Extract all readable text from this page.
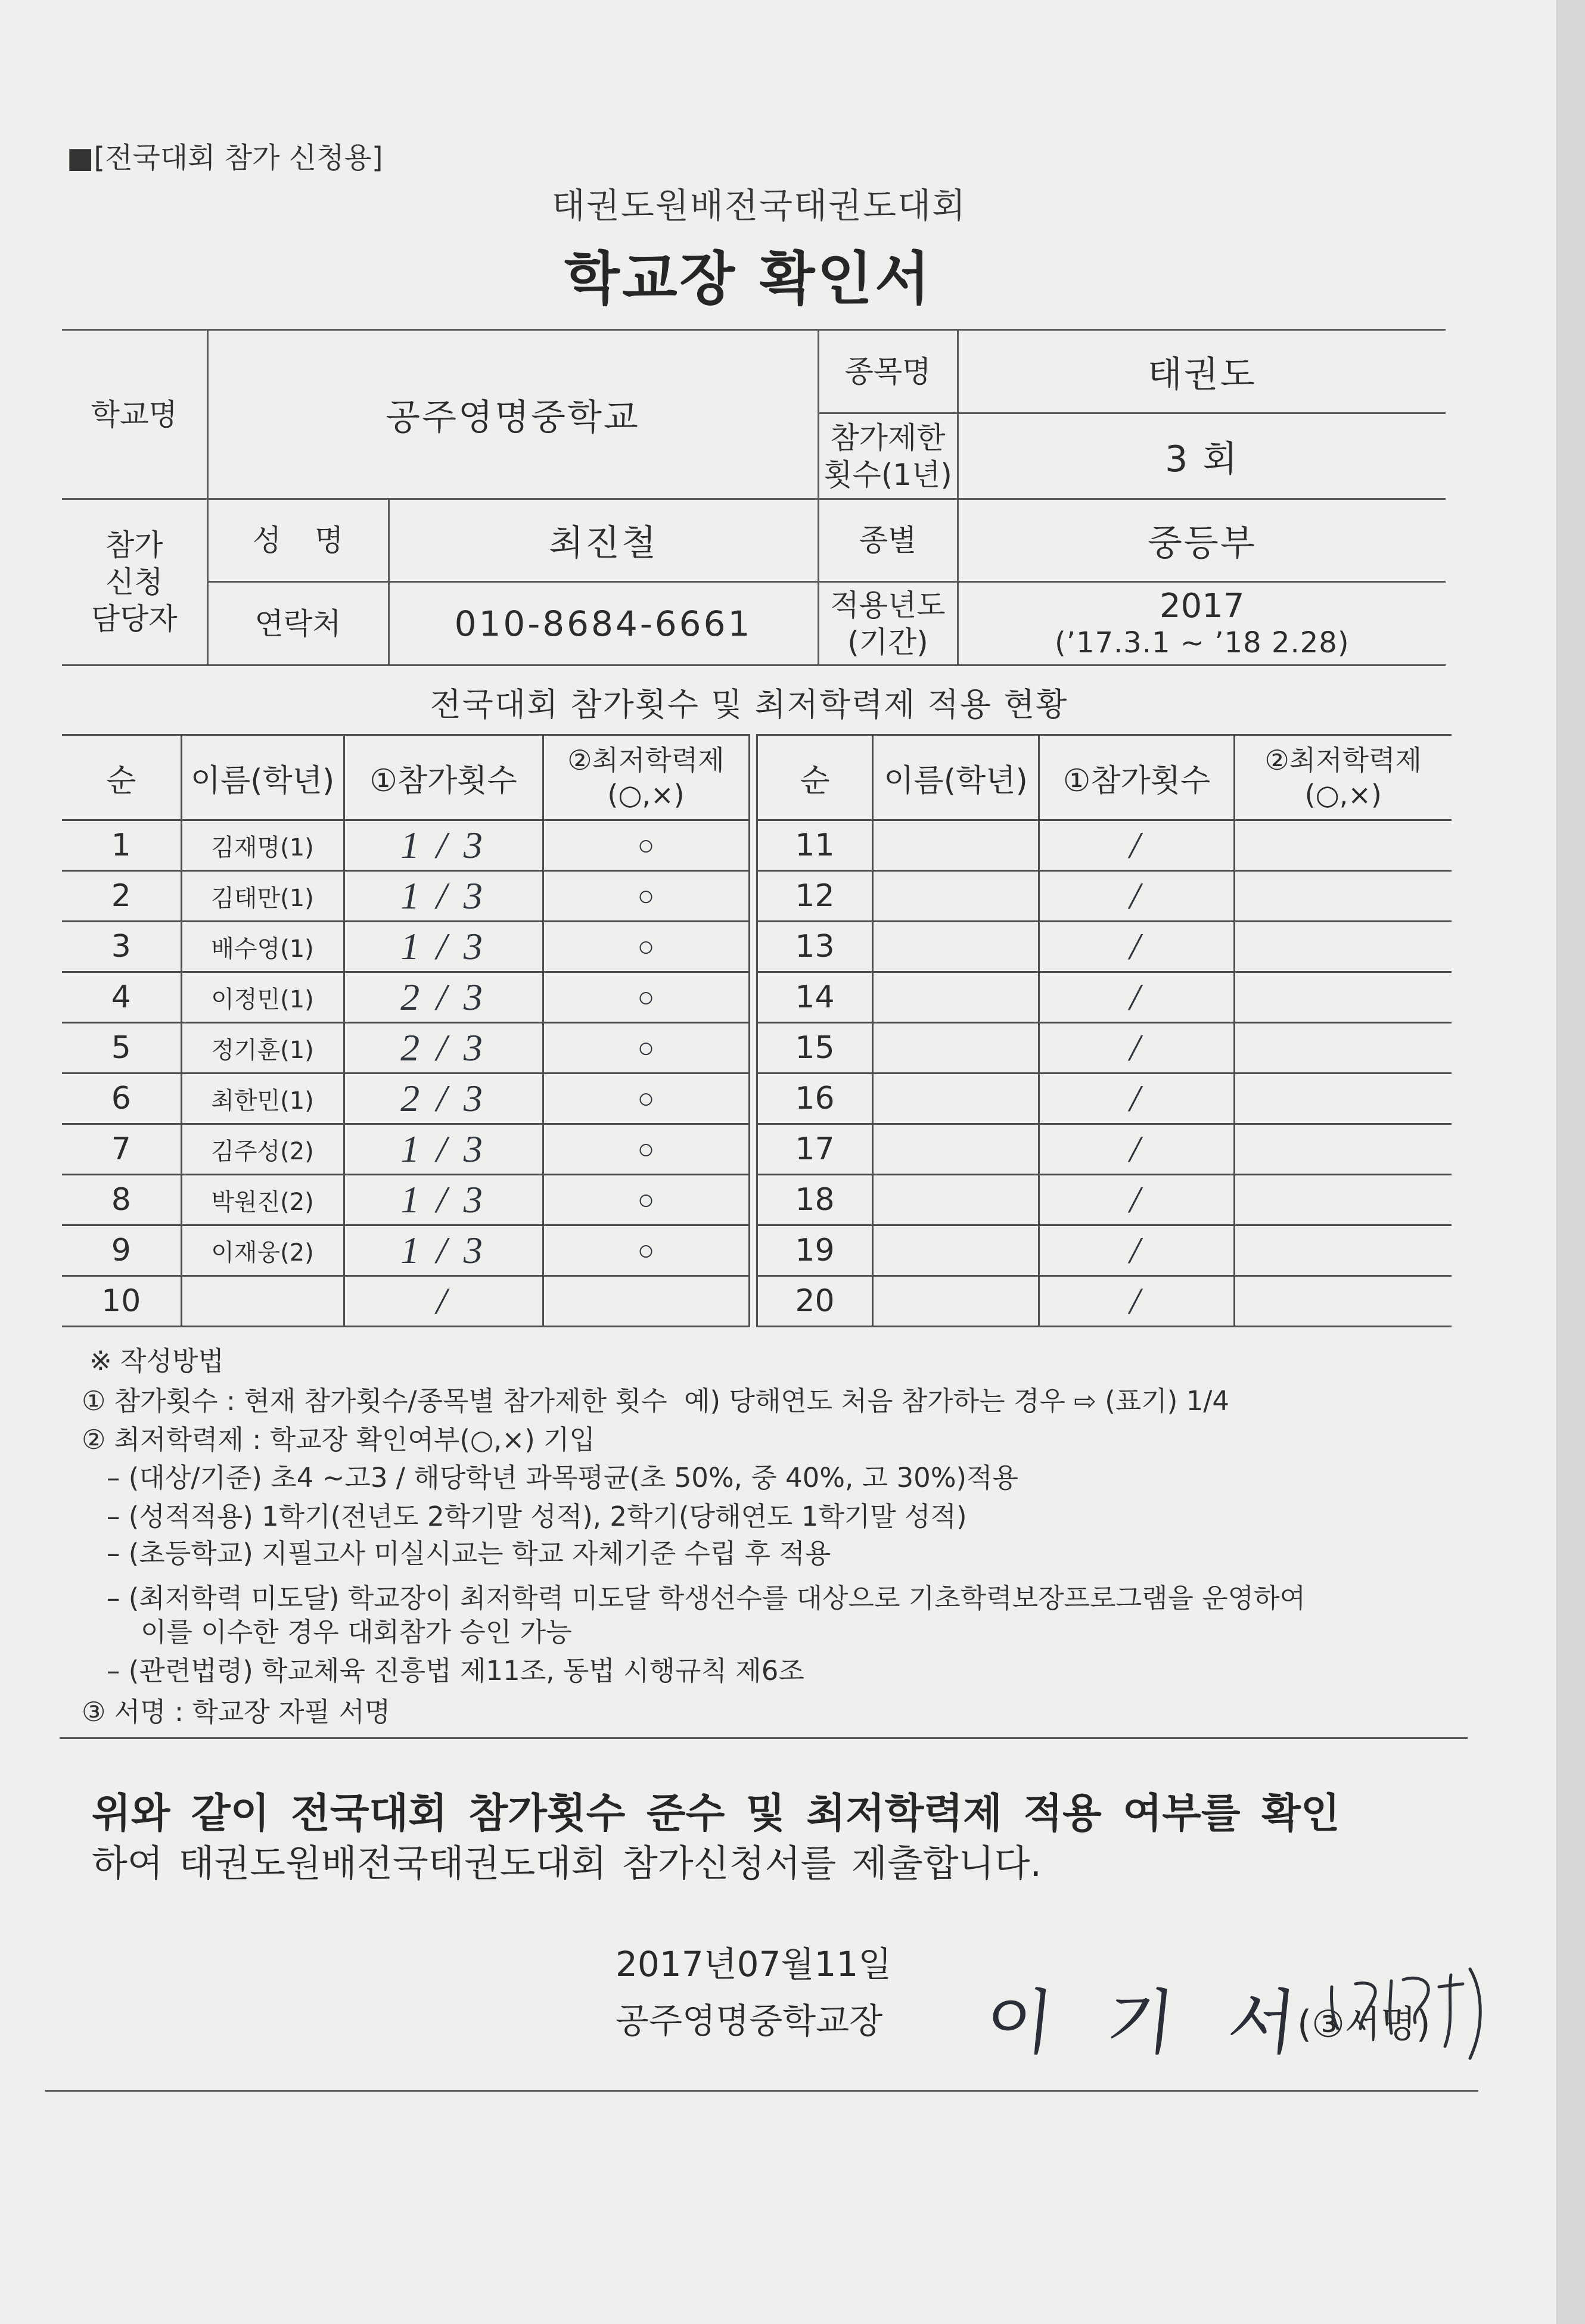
■[전국대회 참가 신청용]
태권도원배전국태권도대회
학교장 확인서
학교명	공주영명중학교		종목명	태권도

			참가제한
횟수(1년)	3 회

참가
신청
담당자	성 명	최진철	종별	중등부
	연락처	010-8684-6661	적용년도
(기간)	2017
(’17.3.1 ~ ’18 2.28)
전국대회 참가횟수 및 최저학력제 적용 현황
순	이름(학년)	①참가횟수	②최저학력제
(○,×)

1	김재명(1)	1 / 3	○
2	김태만(1)	1 / 3	○
3	배수영(1)	1 / 3	○
4	이정민(1)	2 / 3	○
5	정기훈(1)	2 / 3	○
6	최한민(1)	2 / 3	○
7	김주성(2)	1 / 3	○
8	박원진(2)	1 / 3	○
9	이재웅(2)	1 / 3	○
10		/	
순	이름(학년)	①참가횟수	②최저학력제
(○,×)

11		/	
12		/	
13		/	
14		/	
15		/	
16		/	
17		/	
18		/	
19		/	
20		/	
※ 작성방법
① 참가횟수 : 현재 참가횟수/종목별 참가제한 횟수  예) 당해연도 처음 참가하는 경우 ⇨ (표기) 1/4
② 최저학력제 : 학교장 확인여부(○,×) 기입
– (대상/기준) 초4 ~고3 / 해당학년 과목평균(초 50%, 중 40%, 고 30%)적용
– (성적적용) 1학기(전년도 2학기말 성적), 2학기(당해연도 1학기말 성적)
– (초등학교) 지필고사 미실시교는 학교 자체기준 수립 후 적용
– (최저학력 미도달) 학교장이 최저학력 미도달 학생선수를 대상으로 기초학력보장프로그램을 운영하여
이를 이수한 경우 대회참가 승인 가능
– (관련법령) 학교체육 진흥법 제11조, 동법 시행규칙 제6조
③ 서명 : 학교장 자필 서명
위와 같이 전국대회 참가횟수 준수 및 최저학력제 적용 여부를 확인
하여 태권도원배전국태권도대회 참가신청서를 제출합니다.
2017년07월11일
공주영명중학교장 이 기 서
(③서명)
